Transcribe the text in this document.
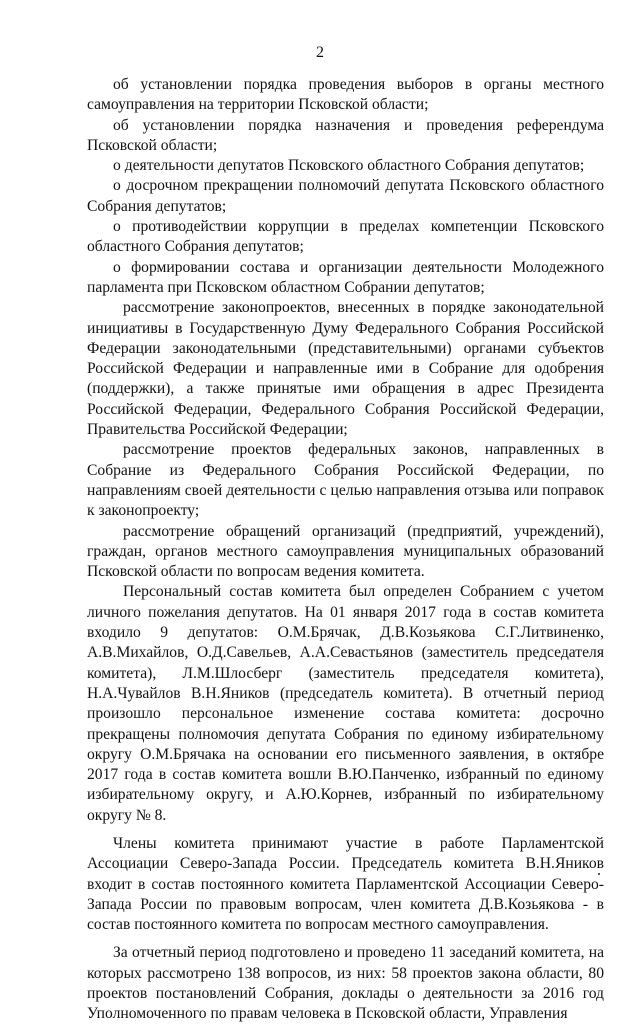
2

об установлении порядка проведения выборов в органы местного самоуправления на территории Псковской области;

об установлении порядка назначения и проведения референдума Псковской области;

о деятельности депутатов Псковского областного Собрания депутатов;

о досрочном прекращении полномочий депутата Псковского областного Собрания депутатов;

о противодействии коррупции в пределах компетенции Псковского областного Собрания депутатов;

о формировании состава и организации деятельности Молодежного парламента при Псковском областном Собрании депутатов;

рассмотрение законопроектов, внесенных в порядке законодательной инициативы в Государственную Думу Федерального Собрания Российской Федерации законодательными (представительными) органами субъектов Российской Федерации и направленные ими в Собрание для одобрения (поддержки), а также принятые ими обращения в адрес Президента Российской Федерации, Федерального Собрания Российской Федерации, Правительства Российской Федерации;

рассмотрение проектов федеральных законов, направленных в Собрание из Федерального Собрания Российской Федерации, по направлениям своей деятельности с целью направления отзыва или поправок к законопроекту;

рассмотрение обращений организаций (предприятий, учреждений), граждан, органов местного самоуправления муниципальных образований Псковской области по вопросам ведения комитета.

Персональный состав комитета был определен Собранием с учетом личного пожелания депутатов. На 01 января 2017 года в состав комитета входило 9 депутатов: О.М.Брячак, Д.В.Козьякова С.Г.Литвиненко, А.В.Михайлов, О.Д.Савельев, А.А.Севастьянов (заместитель председателя комитета), Л.М.Шлосберг (заместитель председателя комитета), Н.А.Чувайлов В.Н.Яников (председатель комитета). В отчетный период произошло персональное изменение состава комитета: досрочно прекращены полномочия депутата Собрания по единому избирательному округу О.М.Брячака на основании его письменного заявления, в октябре 2017 года в состав комитета вошли В.Ю.Панченко, избранный по единому избирательному округу, и А.Ю.Корнев, избранный по избирательному округу № 8.

Члены комитета принимают участие в работе Парламентской Ассоциации Северо-Запада России. Председатель комитета В.Н.Яников входит в состав постоянного комитета Парламентской Ассоциации Северо-Запада России по правовым вопросам, член комитета Д.В.Козьякова - в состав постоянного комитета по вопросам местного самоуправления.

За отчетный период подготовлено и проведено 11 заседаний комитета, на которых рассмотрено 138 вопросов, из них: 58 проектов закона области, 80 проектов постановлений Собрания, доклады о деятельности за 2016 год Уполномоченного по правам человека в Псковской области, Управления
